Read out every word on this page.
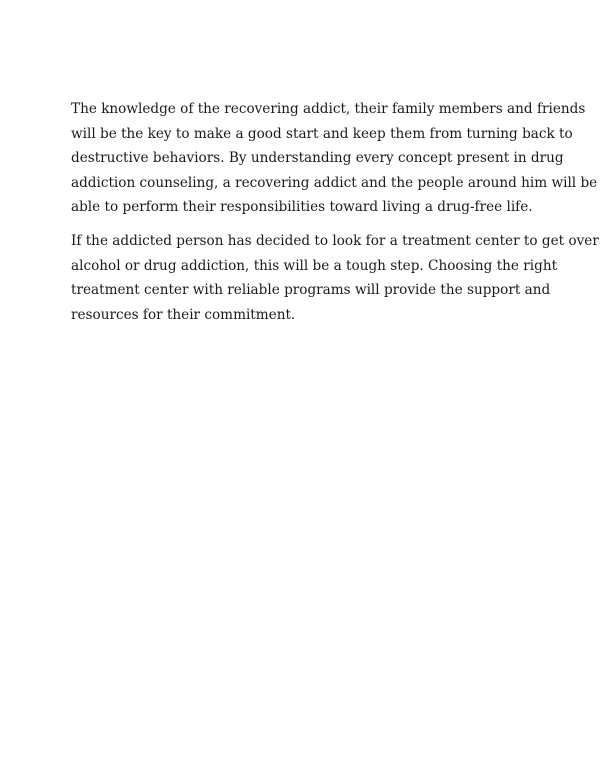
The knowledge of the recovering addict, their family members and friends
will be the key to make a good start and keep them from turning back to
destructive behaviors. By understanding every concept present in drug
addiction counseling, a recovering addict and the people around him will be
able to perform their responsibilities toward living a drug-free life.

If the addicted person has decided to look for a treatment center to get over
alcohol or drug addiction, this will be a tough step. Choosing the right
treatment center with reliable programs will provide the support and
resources for their commitment.
